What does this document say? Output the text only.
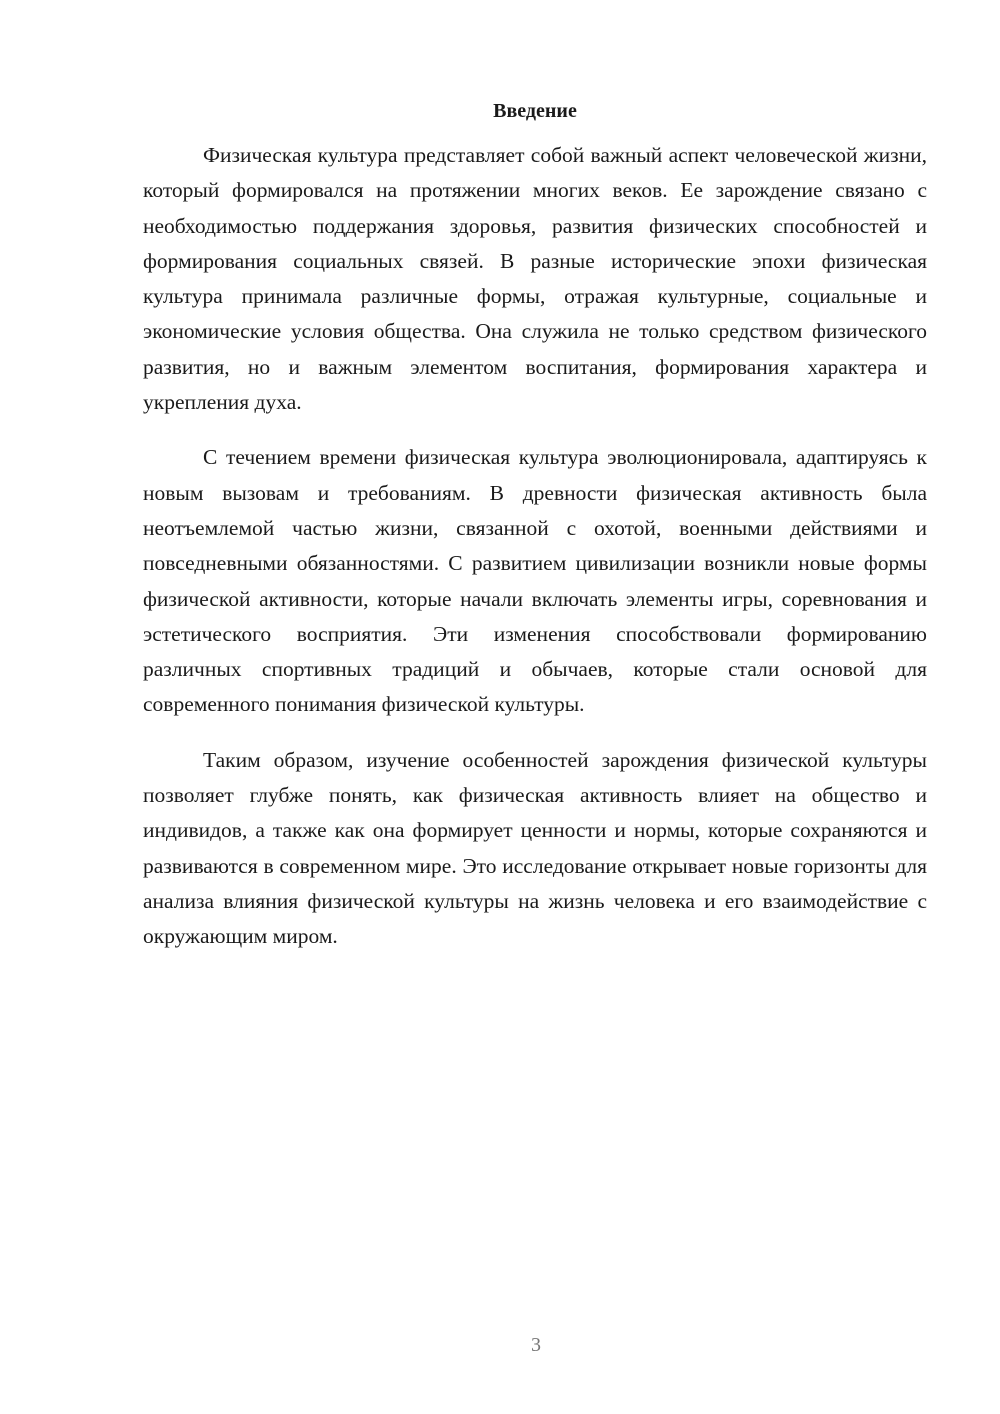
Введение

Физическая культура представляет собой важный аспект человеческой жизни, который формировался на протяжении многих веков. Ее зарождение связано с необходимостью поддержания здоровья, развития физических способностей и формирования социальных связей. В разные исторические эпохи физическая культура принимала различные формы, отражая культурные, социальные и экономические условия общества. Она служила не только средством физического развития, но и важным элементом воспитания, формирования характера и укрепления духа.

С течением времени физическая культура эволюционировала, адаптируясь к новым вызовам и требованиям. В древности физическая активность была неотъемлемой частью жизни, связанной с охотой, военными действиями и повседневными обязанностями. С развитием цивилизации возникли новые формы физической активности, которые начали включать элементы игры, соревнования и эстетического восприятия. Эти изменения способствовали формированию различных спортивных традиций и обычаев, которые стали основой для современного понимания физической культуры.

Таким образом, изучение особенностей зарождения физической культуры позволяет глубже понять, как физическая активность влияет на общество и индивидов, а также как она формирует ценности и нормы, которые сохраняются и развиваются в современном мире. Это исследование открывает новые горизонты для анализа влияния физической культуры на жизнь человека и его взаимодействие с окружающим миром.

3
